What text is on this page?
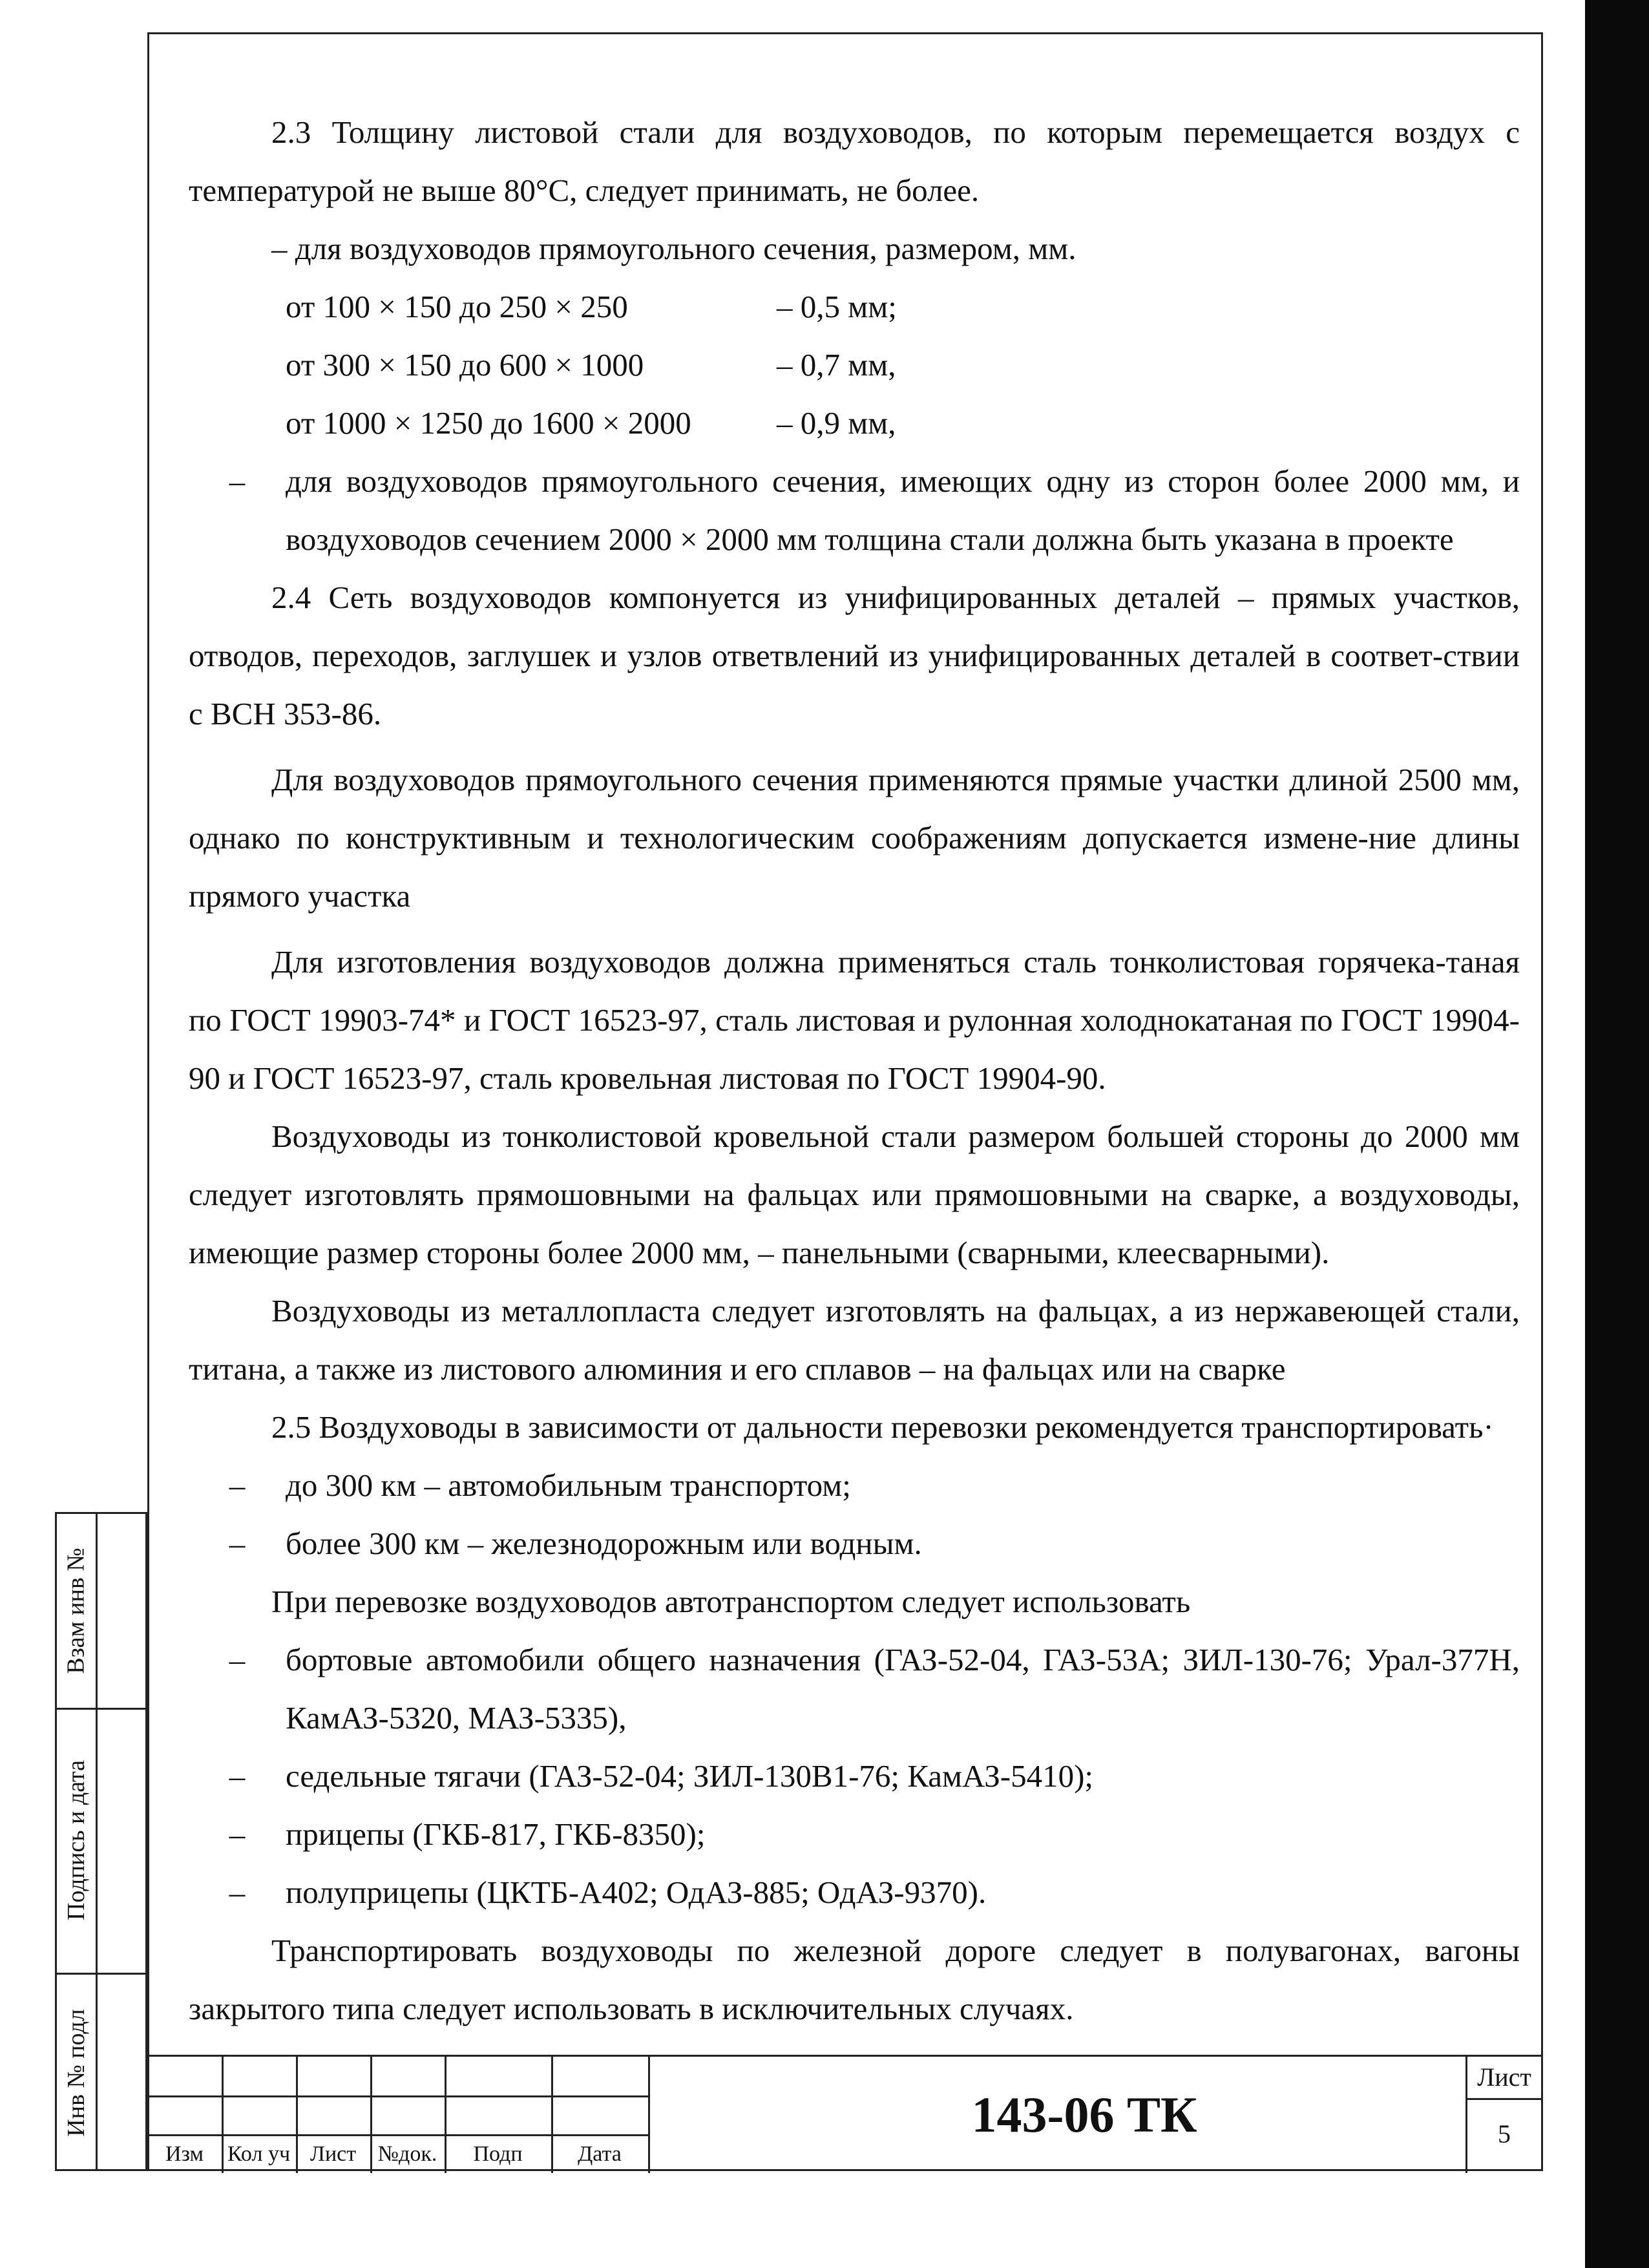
2.3 Толщину листовой стали для воздуховодов, по которым перемещается воздух с температурой не выше 80°С, следует принимать, не более.

– для воздуховодов прямоугольного сечения, размером, мм.

от 100 × 150 до 250 × 250	– 0,5 мм;
от 300 × 150 до 600 × 1000	– 0,7 мм,
от 1000 × 1250 до 1600 × 2000	– 0,9 мм,

– для воздуховодов прямоугольного сечения, имеющих одну из сторон более 2000 мм, и воздуховодов сечением 2000 × 2000 мм толщина стали должна быть указана в проекте

2.4 Сеть воздуховодов компонуется из унифицированных деталей – прямых участков, отводов, переходов, заглушек и узлов ответвлений из унифицированных деталей в соответ-ствии с ВСН 353-86.

Для воздуховодов прямоугольного сечения применяются прямые участки длиной 2500 мм, однако по конструктивным и технологическим соображениям допускается измене-ние длины прямого участка

Для изготовления воздуховодов должна применяться сталь тонколистовая горячека-таная по ГОСТ 19903-74* и ГОСТ 16523-97, сталь листовая и рулонная холоднокатаная по ГОСТ 19904-90 и ГОСТ 16523-97, сталь кровельная листовая по ГОСТ 19904-90.

Воздуховоды из тонколистовой кровельной стали размером большей стороны до 2000 мм следует изготовлять прямошовными на фальцах или прямошовными на сварке, а воздуховоды, имеющие размер стороны более 2000 мм, – панельными (сварными, клеесварными).

Воздуховоды из металлопласта следует изготовлять на фальцах, а из нержавеющей стали, титана, а также из листового алюминия и его сплавов – на фальцах или на сварке

2.5 Воздуховоды в зависимости от дальности перевозки рекомендуется транспортировать·

– до 300 км – автомобильным транспортом;

– более 300 км – железнодорожным или водным.

При перевозке воздуховодов автотранспортом следует использовать

– бортовые автомобили общего назначения (ГАЗ-52-04, ГАЗ-53А; ЗИЛ-130-76; Урал-377Н, КамАЗ-5320, МАЗ-5335),

– седельные тягачи (ГАЗ-52-04; ЗИЛ-130В1-76; КамАЗ-5410);

– прицепы (ГКБ-817, ГКБ-8350);

– полуприцепы (ЦКТБ-А402; ОдАЗ-885; ОдАЗ-9370).

Транспортировать воздуховоды по железной дороге следует в полувагонах, вагоны закрытого типа следует использовать в исключительных случаях.

Взам инв №
Подпись и дата
Инв № подл
Изм	Кол уч Лист №док.	Подп	Дата
143-06 ТК
Лист
5
